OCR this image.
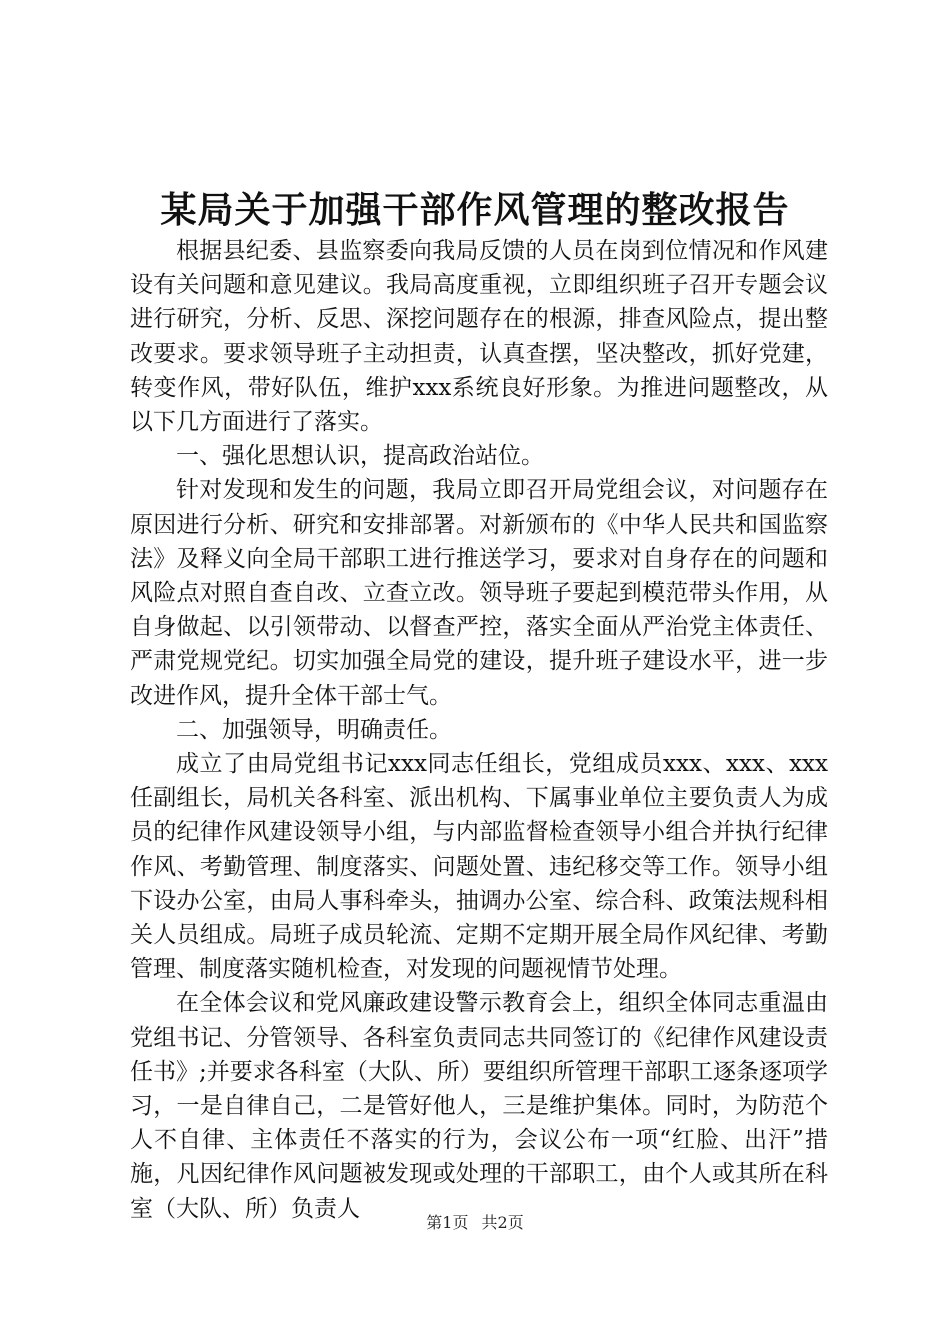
某局关于加强干部作风管理的整改报告

根据县纪委、县监察委向我局反馈的人员在岗到位情况和作风建设有关问题和意见建议。我局高度重视，立即组织班子召开专题会议进行研究，分析、反思、深挖问题存在的根源，排查风险点，提出整改要求。要求领导班子主动担责，认真查摆，坚决整改，抓好党建，转变作风，带好队伍，维护xxx系统良好形象。为推进问题整改，从以下几方面进行了落实。

一、强化思想认识，提高政治站位。

针对发现和发生的问题，我局立即召开局党组会议，对问题存在原因进行分析、研究和安排部署。对新颁布的《中华人民共和国监察法》及释义向全局干部职工进行推送学习，要求对自身存在的问题和风险点对照自查自改、立查立改。领导班子要起到模范带头作用，从自身做起、以引领带动、以督查严控，落实全面从严治党主体责任、严肃党规党纪。切实加强全局党的建设，提升班子建设水平，进一步改进作风，提升全体干部士气。

二、加强领导，明确责任。

成立了由局党组书记xxx同志任组长，党组成员xxx、xxx、xxx任副组长，局机关各科室、派出机构、下属事业单位主要负责人为成员的纪律作风建设领导小组，与内部监督检查领导小组合并执行纪律作风、考勤管理、制度落实、问题处置、违纪移交等工作。领导小组下设办公室，由局人事科牵头，抽调办公室、综合科、政策法规科相关人员组成。局班子成员轮流、定期不定期开展全局作风纪律、考勤管理、制度落实随机检查，对发现的问题视情节处理。

在全体会议和党风廉政建设警示教育会上，组织全体同志重温由党组书记、分管领导、各科室负责同志共同签订的《纪律作风建设责任书》;并要求各科室（大队、所）要组织所管理干部职工逐条逐项学习，一是自律自己，二是管好他人，三是维护集体。同时，为防范个人不自律、主体责任不落实的行为，会议公布一项“红脸、出汗”措施，凡因纪律作风问题被发现或处理的干部职工，由个人或其所在科室（大队、所）负责人

第1页 共2页
